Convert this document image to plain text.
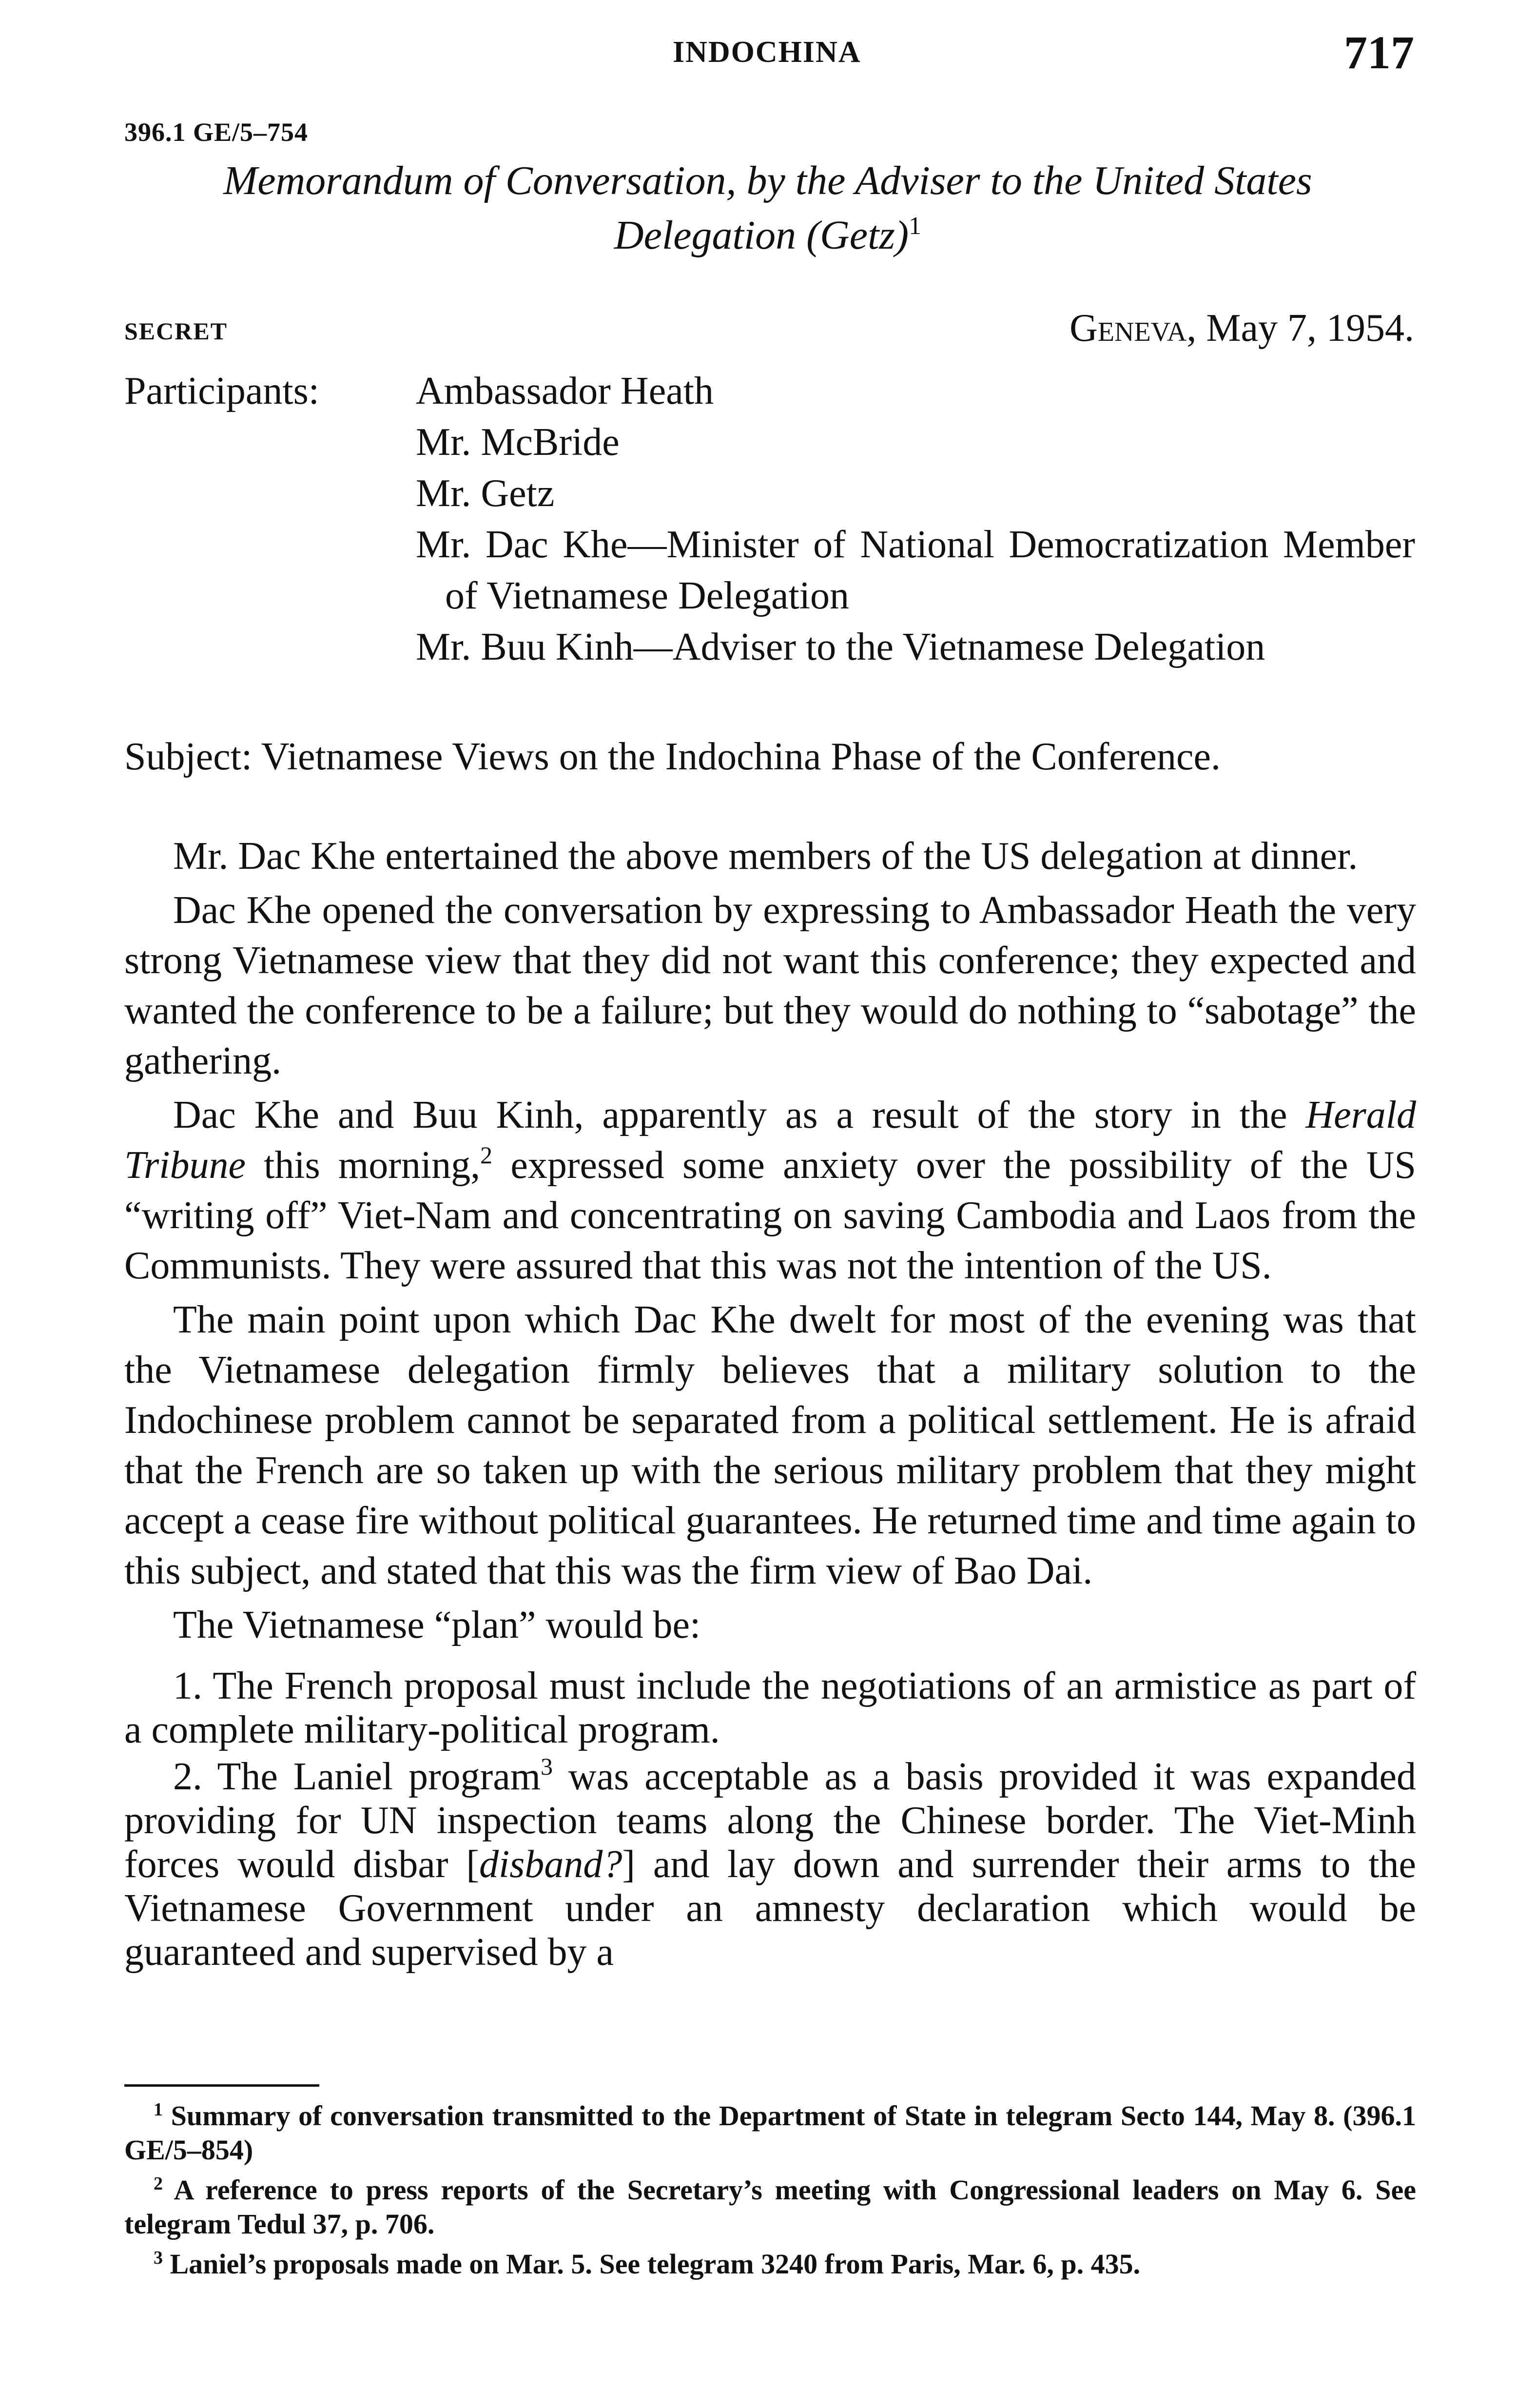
INDOCHINA	717
396.1 GE/5–754
Memorandum of Conversation, by the Adviser to the United States
Delegation (Getz)$^1$
SECRET	Geneva, May 7, 1954.
Participants: Ambassador Heath
Mr. McBride
Mr. Getz
Mr. Dac Khe—Minister of National Democratization Member of Vietnamese Delegation
Mr. Buu Kinh—Adviser to the Vietnamese Delegation
Subject: Vietnamese Views on the Indochina Phase of the Conference.

Mr. Dac Khe entertained the above members of the US delegation at dinner.

Dac Khe opened the conversation by expressing to Ambassador Heath the very strong Vietnamese view that they did not want this conference; they expected and wanted the conference to be a failure; but they would do nothing to “sabotage” the gathering.

Dac Khe and Buu Kinh, apparently as a result of the story in the Herald Tribune this morning,$^2$ expressed some anxiety over the possibility of the US “writing off” Viet-Nam and concentrating on saving Cambodia and Laos from the Communists. They were assured that this was not the intention of the US.

The main point upon which Dac Khe dwelt for most of the evening was that the Vietnamese delegation firmly believes that a military solution to the Indochinese problem cannot be separated from a political settlement. He is afraid that the French are so taken up with the serious military problem that they might accept a cease fire without political guarantees. He returned time and time again to this subject, and stated that this was the firm view of Bao Dai.

The Vietnamese “plan” would be:

1. The French proposal must include the negotiations of an armistice as part of a complete military-political program.
2. The Laniel program$^3$ was acceptable as a basis provided it was expanded providing for UN inspection teams along the Chinese border. The Viet-Minh forces would disbar [disband?] and lay down and surrender their arms to the Vietnamese Government under an amnesty declaration which would be guaranteed and supervised by a

$^1$ Summary of conversation transmitted to the Department of State in telegram Secto 144, May 8. (396.1 GE/5–854)

$^2$ A reference to press reports of the Secretary’s meeting with Congressional leaders on May 6. See telegram Tedul 37, p. 706.

$^3$ Laniel’s proposals made on Mar. 5. See telegram 3240 from Paris, Mar. 6, p. 435.
